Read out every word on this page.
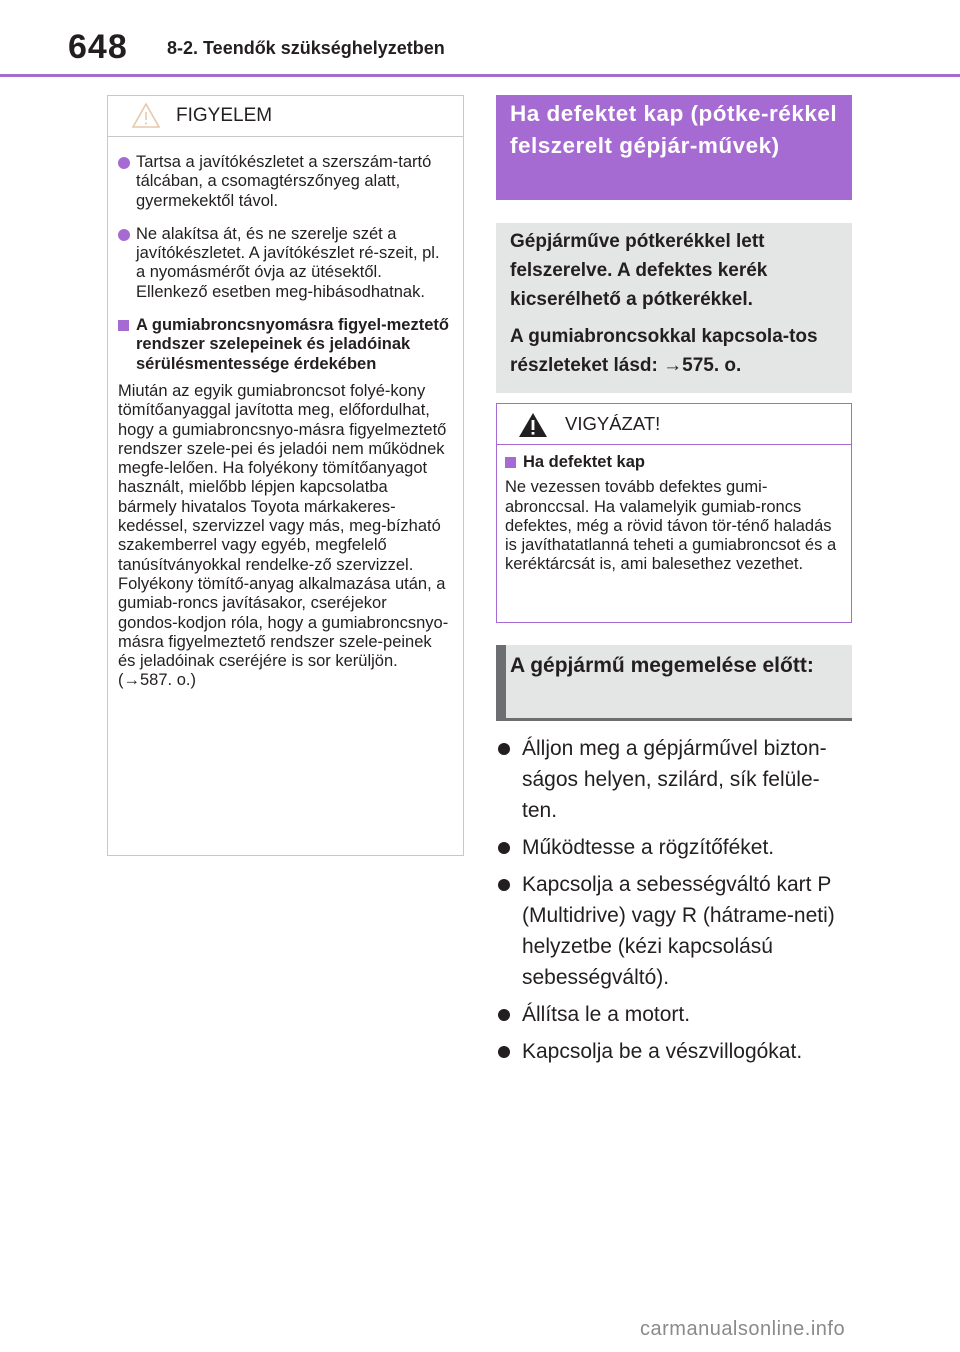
648 8-2. Teendők szükséghelyzetben
FIGYELEM
Tartsa a javítókészletet a szerszám-tartó tálcában, a csomagtérszőnyeg alatt, gyermekektől távol.
Ne alakítsa át, és ne szerelje szét a javítókészletet. A javítókészlet ré-szeit, pl. a nyomásmérőt óvja az ütésektől. Ellenkező esetben meg-hibásodhatnak.
A gumiabroncsnyomásra figyel-meztető rendszer szelepeinek és jeladóinak sérülésmentessége érdekében
Miután az egyik gumiabroncsot folyé-kony tömítőanyaggal javította meg, előfordulhat, hogy a gumiabroncsnyo-másra figyelmeztető rendszer szele-pei és jeladói nem működnek megfe-lelően. Ha folyékony tömítőanyagot használt, mielőbb lépjen kapcsolatba bármely hivatalos Toyota márkakeres-kedéssel, szervizzel vagy más, meg-bízható szakemberrel vagy egyéb, megfelelő tanúsítványokkal rendelke-ző szervizzel. Folyékony tömítő-anyag alkalmazása után, a gumiab-roncs javításakor, cseréjekor gondos-kodjon róla, hogy a gumiabroncsnyo-másra figyelmeztető rendszer szele-peinek és jeladóinak cseréjére is sor kerüljön. (→587. o.)
Ha defektet kap (pótke-rékkel felszerelt gépjár-művek)

Gépjárműve pótkerékkel lett felszerelve. A defektes kerék kicserélhető a pótkerékkel.

A gumiabroncsokkal kapcsola-tos részleteket lásd: →575. o.

VIGYÁZAT!
Ha defektet kap
Ne vezessen tovább defektes gumi-abronccsal. Ha valamelyik gumiab-roncs defektes, még a rövid távon tör-ténő haladás is javíthatatlanná teheti a gumiabroncsot és a keréktárcsát is, ami balesethez vezethet.
A gépjármű megemelése előtt:
Álljon meg a gépjárművel bizton-ságos helyen, szilárd, sík felüle-ten.
Működtesse a rögzítőféket.
Kapcsolja a sebességváltó kart P (Multidrive) vagy R (hátrame-neti) helyzetbe (kézi kapcsolású sebességváltó).
Állítsa le a motort.
Kapcsolja be a vészvillogókat.
carmanualsonline.info
